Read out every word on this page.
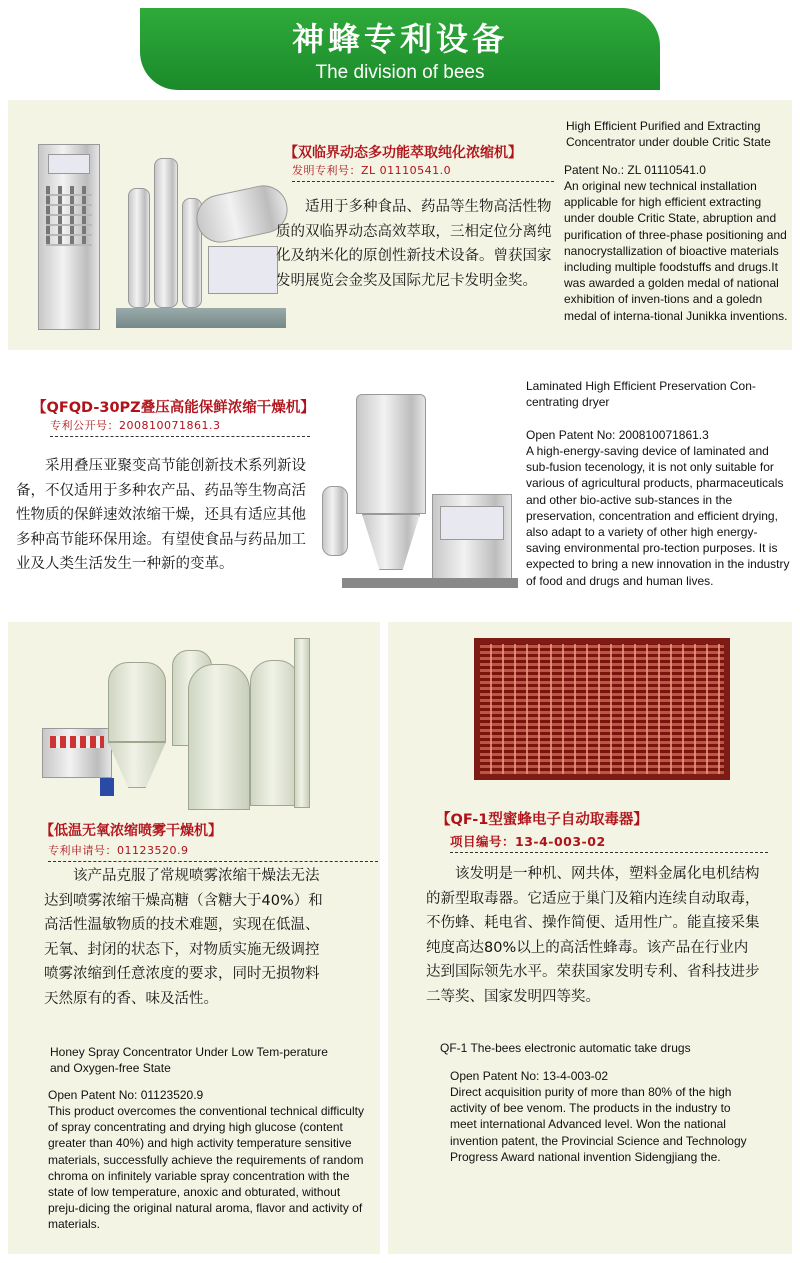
神蜂专利设备
The division of bees
【双临界动态多功能萃取纯化浓缩机】
发明专利号：ZL 01110541.0
适用于多种食品、药品等生物高活性物质的双临界动态高效萃取，三相定位分离纯化及纳米化的原创性新技术设备。曾获国家发明展览会金奖及国际尤尼卡发明金奖。
High Efficient Purified and Extracting Concentrator under double Critic State
Patent No.: ZL 01110541.0
An original new technical installation applicable for high efficient extracting under double Critic State, abruption and purification of three-phase positioning and nanocrystallization of bioactive materials including multiple foodstuffs and drugs.It was awarded a golden medal of national exhibition of inven-tions and a goledn medal of interna-tional Junikka inventions.
【QFQD-30PZ叠压高能保鲜浓缩干燥机】
专利公开号：200810071861.3
采用叠压亚聚变高节能创新技术系列新设备，不仅适用于多种农产品、药品等生物高活性物质的保鲜速效浓缩干燥，还具有适应其他多种高节能环保用途。有望使食品与药品加工业及人类生活发生一种新的变革。
Laminated High Efficient Preservation Con-centrating dryer
Open Patent No: 200810071861.3
A high-energy-saving device of laminated and sub-fusion tecenology, it is not only suitable for various of agricultural products, pharmaceuticals and other bio-active sub-stances in the preservation, concentration and efficient drying, also adapt to a variety of other high energy-saving environmental pro-tection purposes. It is expected to bring a new innovation in the industry of food and drugs and human lives.
【低温无氧浓缩喷雾干燥机】
专利申请号：01123520.9
该产品克服了常规喷雾浓缩干燥法无法达到喷雾浓缩干燥高糖（含糖大于40%）和高活性温敏物质的技术难题，实现在低温、无氧、封闭的状态下，对物质实施无级调控喷雾浓缩到任意浓度的要求，同时无损物料天然原有的香、味及活性。
Honey Spray Concentrator Under Low Tem-perature and Oxygen-free State
Open Patent No: 01123520.9
This product overcomes the conventional technical difficulty of spray concentrating and drying high glucose (content greater than 40%) and high activity temperature sensitive materials, successfully achieve the requirements of random chroma on infinitely variable spray concentration with the state of low temperature, anoxic and obturated, without preju-dicing the original natural aroma, flavor and activity of materials.
【QF-1型蜜蜂电子自动取毒器】
项目编号：13-4-003-02
该发明是一种机、网共体，塑料金属化电机结构的新型取毒器。它适应于巢门及箱内连续自动取毒，不伤蜂、耗电省、操作简便、适用性广。能直接采集纯度高达80%以上的高活性蜂毒。该产品在行业内达到国际领先水平。荣获国家发明专利、省科技进步二等奖、国家发明四等奖。
QF-1 The-bees electronic automatic take drugs
Open Patent No: 13-4-003-02
Direct acquisition purity of more than 80% of the high activity of bee venom. The products in the industry to meet international Advanced level. Won the national invention patent, the Provincial Science and Technology Progress Award national invention Sidengjiang the.
